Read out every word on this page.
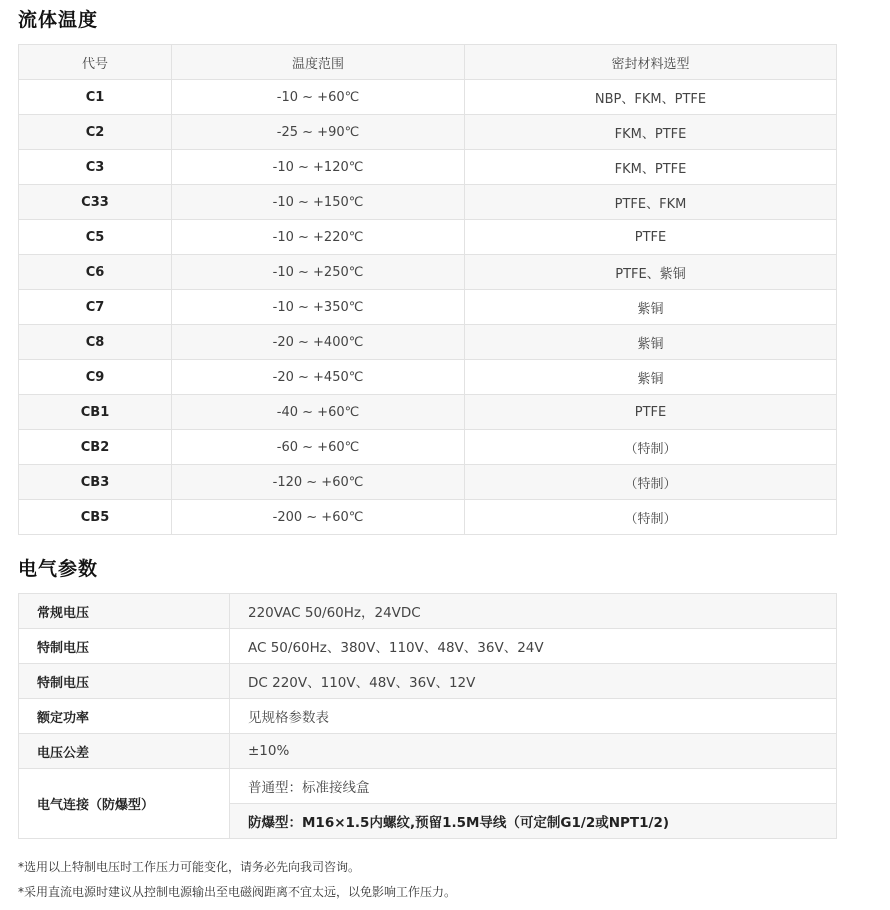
流体温度
代号	温度范围	密封材料选型
C1	-10 ~ +60℃	NBP、FKM、PTFE
C2	-25 ~ +90℃	FKM、PTFE
C3	-10 ~ +120℃	FKM、PTFE
C33	-10 ~ +150℃	PTFE、FKM
C5	-10 ~ +220℃	PTFE
C6	-10 ~ +250℃	PTFE、紫铜
C7	-10 ~ +350℃	紫铜
C8	-20 ~ +400℃	紫铜
C9	-20 ~ +450℃	紫铜
CB1	-40 ~ +60℃	PTFE
CB2	-60 ~ +60℃	（特制）
CB3	-120 ~ +60℃	（特制）
CB5	-200 ~ +60℃	（特制）
电气参数
常规电压	220VAC 50/60Hz，24VDC
特制电压	AC 50/60Hz、380V、110V、48V、36V、24V
特制电压	DC 220V、110V、48V、36V、12V
额定功率	见规格参数表
电压公差	±10%
电气连接（防爆型）	普通型：标准接线盒
	防爆型：M16×1.5内螺纹,预留1.5M导线（可定制G1/2或NPT1/2)

*选用以上特制电压时工作压力可能变化，请务必先向我司咨询。

*采用直流电源时建议从控制电源输出至电磁阀距离不宜太远，以免影响工作压力。
